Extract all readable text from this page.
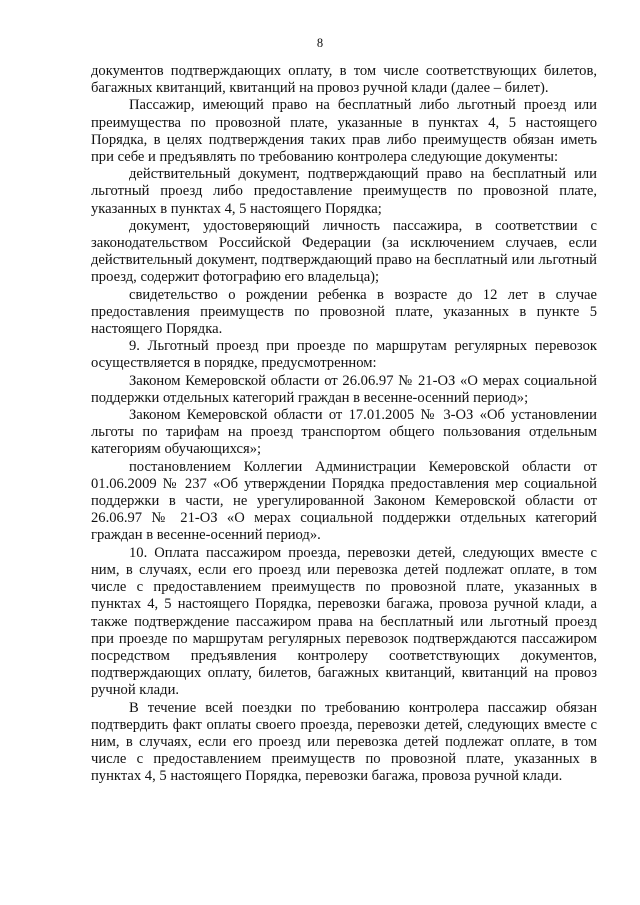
8

документов подтверждающих оплату, в том числе соответствующих билетов, багажных квитанций, квитанций на провоз ручной клади (далее – билет).

Пассажир, имеющий право на бесплатный либо льготный проезд или преимущества по провозной плате, указанные в пунктах 4, 5 настоящего Порядка, в целях подтверждения таких прав либо преимуществ обязан иметь при себе и предъявлять по требованию контролера следующие документы:

действительный документ, подтверждающий право на бесплатный или льготный проезд либо предоставление преимуществ по провозной плате, указанных в пунктах 4, 5 настоящего Порядка;

документ, удостоверяющий личность пассажира, в соответствии с законодательством Российской Федерации (за исключением случаев, если действительный документ, подтверждающий право на бесплатный или льготный проезд, содержит фотографию его владельца);

свидетельство о рождении ребенка в возрасте до 12 лет в случае предоставления преимуществ по провозной плате, указанных в пункте 5 настоящего Порядка.

9. Льготный проезд при проезде по маршрутам регулярных перевозок осуществляется в порядке, предусмотренном:

Законом Кемеровской области от 26.06.97 № 21-ОЗ «О мерах социальной поддержки отдельных категорий граждан в весенне-осенний период»;

Законом Кемеровской области от 17.01.2005 № 3-ОЗ «Об установлении льготы по тарифам на проезд транспортом общего пользования отдельным категориям обучающихся»;

постановлением Коллегии Администрации Кемеровской области от 01.06.2009 № 237 «Об утверждении Порядка предоставления мер социальной поддержки в части, не урегулированной Законом Кемеровской области от 26.06.97 № 21-ОЗ «О мерах социальной поддержки отдельных категорий граждан в весенне-осенний период».

10. Оплата пассажиром проезда, перевозки детей, следующих вместе с ним, в случаях, если его проезд или перевозка детей подлежат оплате, в том числе с предоставлением преимуществ по провозной плате, указанных в пунктах 4, 5 настоящего Порядка, перевозки багажа, провоза ручной клади, а также подтверждение пассажиром права на бесплатный или льготный проезд при проезде по маршрутам регулярных перевозок подтверждаются пассажиром посредством предъявления контролеру соответствующих документов, подтверждающих оплату, билетов, багажных квитанций, квитанций на провоз ручной клади.

В течение всей поездки по требованию контролера пассажир обязан подтвердить факт оплаты своего проезда, перевозки детей, следующих вместе с ним, в случаях, если его проезд или перевозка детей подлежат оплате, в том числе с предоставлением преимуществ по провозной плате, указанных в пунктах 4, 5 настоящего Порядка, перевозки багажа, провоза ручной клади.
